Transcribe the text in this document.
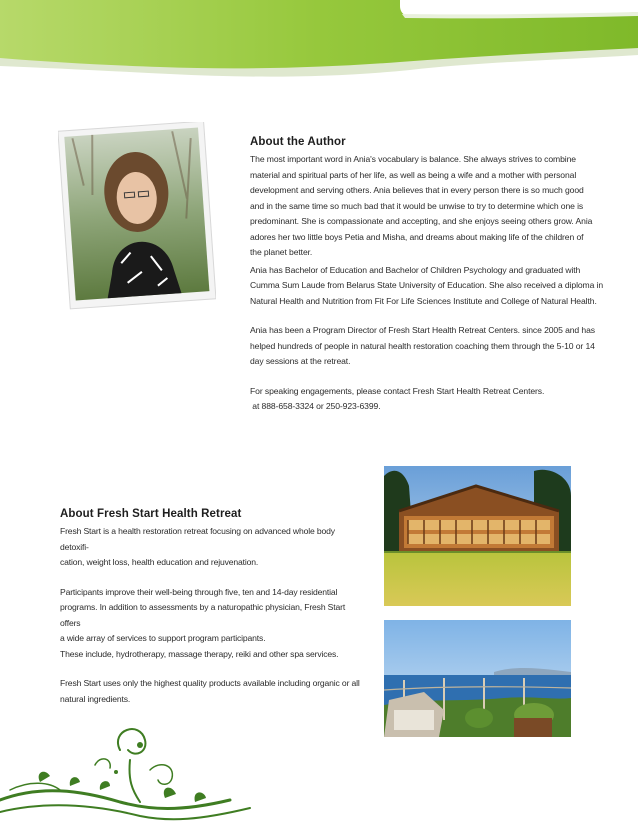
About the Author

The most important word in Ania's vocabulary is balance. She always strives to combine

material and spiritual parts of her life, as well as being a wife and a mother with personal

development and serving others. Ania believes that in every person there is so much good

and in the same time so much bad that it would be unwise to try to determine which one is

predominant. She is compassionate and accepting, and she enjoys seeing others grow. Ania

adores her two little boys Petia and Misha, and dreams about making life of the children of

the planet better.

Ania has Bachelor of Education and Bachelor of Children Psychology and graduated with

Cumma Sum Laude from Belarus State University of Education. She also received a diploma in

Natural Health and Nutrition from Fit For Life Sciences Institute and College of Natural Health.

Ania has been a Program Director of Fresh Start Health Retreat Centers. since 2005 and has

helped hundreds of people in natural health restoration coaching them through the 5-10 or 14

day sessions at the retreat.

For speaking engagements, please contact Fresh Start Health Retreat Centers.

at 888-658-3324 or 250-923-6399.

About Fresh Start Health Retreat

Fresh Start is a health restoration retreat focusing on advanced whole body detoxifi-

cation, weight loss, health education and rejuvenation.

Participants improve their well-being through five, ten and 14-day residential

programs. In addition to assessments by a naturopathic physician, Fresh Start offers

a wide array of services to support program participants.

These include, hydrotherapy, massage therapy, reiki and other spa services.

Fresh Start uses only the highest quality products available including organic or all

natural ingredients.
